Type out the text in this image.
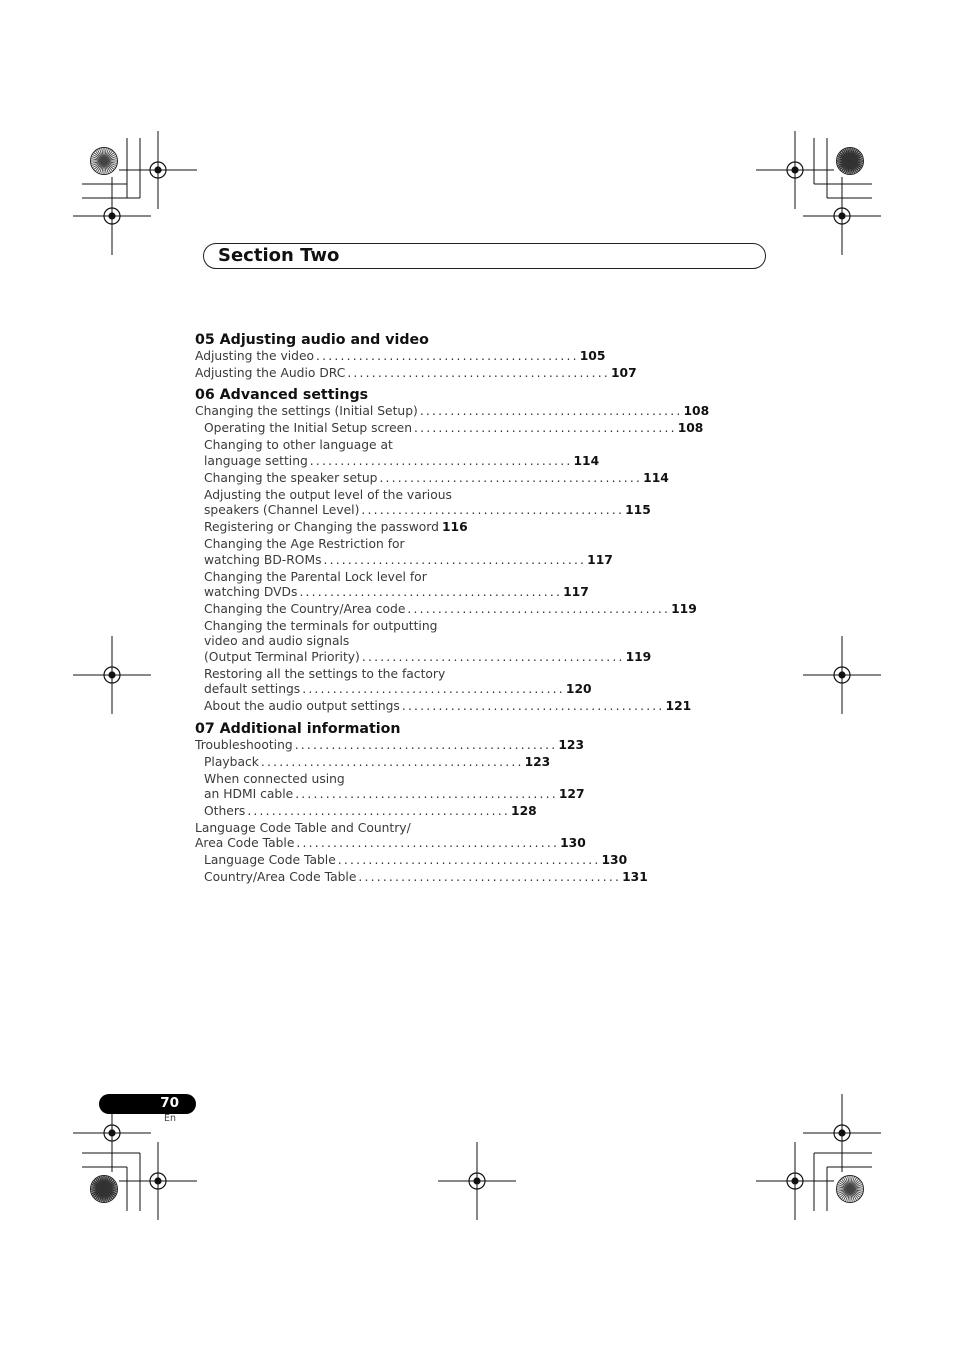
Section Two
05 Adjusting audio and video
Adjusting the video ........................................... 105
Adjusting the Audio DRC ........................................... 107
06 Advanced settings
Changing the settings (Initial Setup) ........................................... 108
Operating the Initial Setup screen ........................................... 108
Changing to other language at
language setting ........................................... 114
Changing the speaker setup ........................................... 114
Adjusting the output level of the various
speakers (Channel Level) ........................................... 115
Registering or Changing the password 116
Changing the Age Restriction for
watching BD-ROMs ........................................... 117
Changing the Parental Lock level for
watching DVDs ........................................... 117
Changing the Country/Area code ........................................... 119
Changing the terminals for outputting
video and audio signals
(Output Terminal Priority) ........................................... 119
Restoring all the settings to the factory
default settings ........................................... 120
About the audio output settings ........................................... 121
07 Additional information
Troubleshooting ........................................... 123
Playback ........................................... 123
When connected using
an HDMI cable ........................................... 127
Others ........................................... 128
Language Code Table and Country/
Area Code Table ........................................... 130
Language Code Table ........................................... 130
Country/Area Code Table ........................................... 131
70
En
